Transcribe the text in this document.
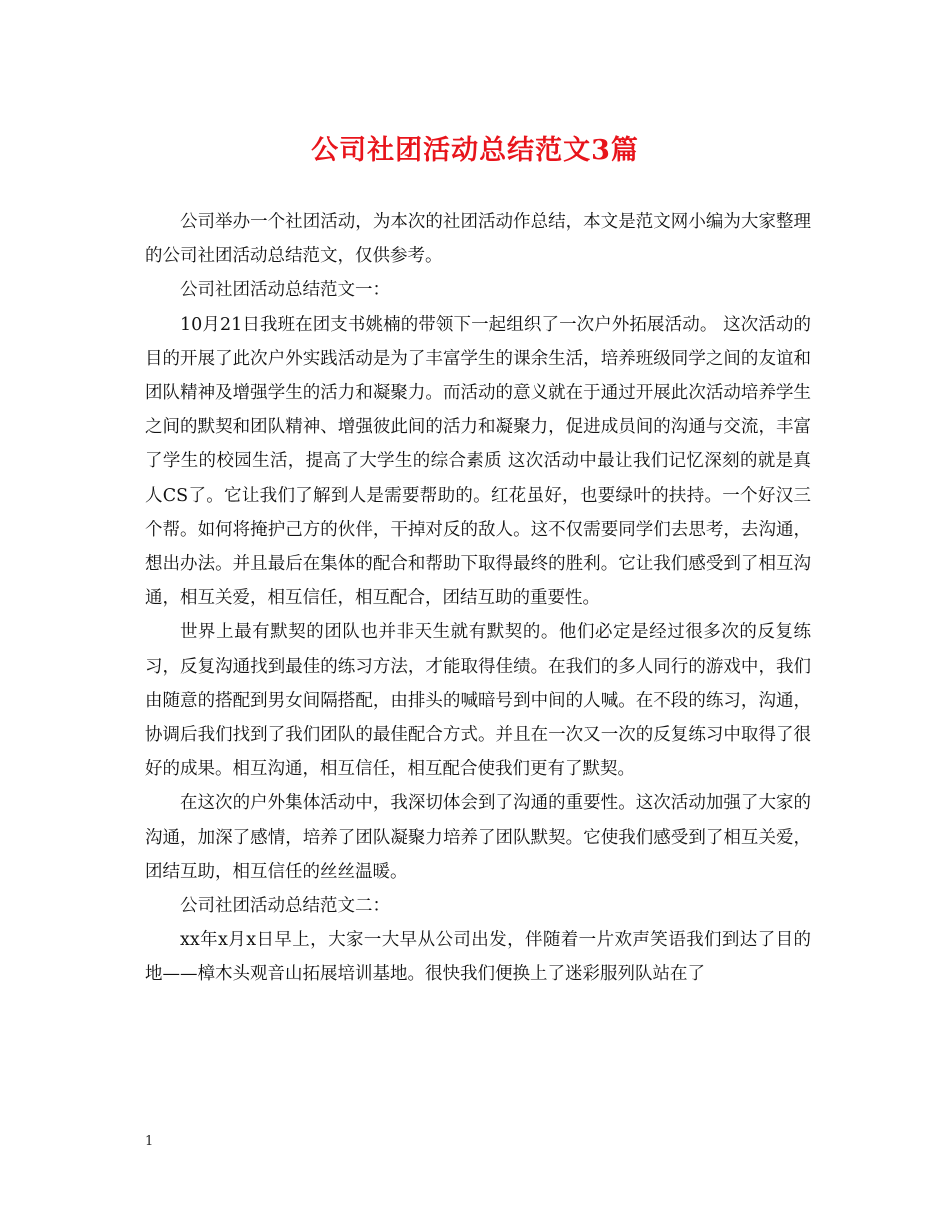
公司社团活动总结范文3篇

公司举办一个社团活动，为本次的社团活动作总结，本文是范文网小编为大家整理的公司社团活动总结范文，仅供参考。

公司社团活动总结范文一：

10月21日我班在团支书姚楠的带领下一起组织了一次户外拓展活动。 这次活动的目的开展了此次户外实践活动是为了丰富学生的课余生活，培养班级同学之间的友谊和团队精神及增强学生的活力和凝聚力。而活动的意义就在于通过开展此次活动培养学生之间的默契和团队精神、增强彼此间的活力和凝聚力，促进成员间的沟通与交流，丰富了学生的校园生活，提高了大学生的综合素质 这次活动中最让我们记忆深刻的就是真人CS了。它让我们了解到人是需要帮助的。红花虽好，也要绿叶的扶持。一个好汉三个帮。如何将掩护己方的伙伴，干掉对反的敌人。这不仅需要同学们去思考，去沟通，想出办法。并且最后在集体的配合和帮助下取得最终的胜利。它让我们感受到了相互沟通，相互关爱，相互信任，相互配合，团结互助的重要性。

世界上最有默契的团队也并非天生就有默契的。他们必定是经过很多次的反复练习，反复沟通找到最佳的练习方法，才能取得佳绩。在我们的多人同行的游戏中，我们由随意的搭配到男女间隔搭配，由排头的喊暗号到中间的人喊。在不段的练习，沟通，协调后我们找到了我们团队的最佳配合方式。并且在一次又一次的反复练习中取得了很好的成果。相互沟通，相互信任，相互配合使我们更有了默契。

在这次的户外集体活动中，我深切体会到了沟通的重要性。这次活动加强了大家的沟通，加深了感情，培养了团队凝聚力培养了团队默契。它使我们感受到了相互关爱，团结互助，相互信任的丝丝温暖。

公司社团活动总结范文二：

xx年x月x日早上，大家一大早从公司出发，伴随着一片欢声笑语我们到达了目的地——樟木头观音山拓展培训基地。很快我们便换上了迷彩服列队站在了

1
